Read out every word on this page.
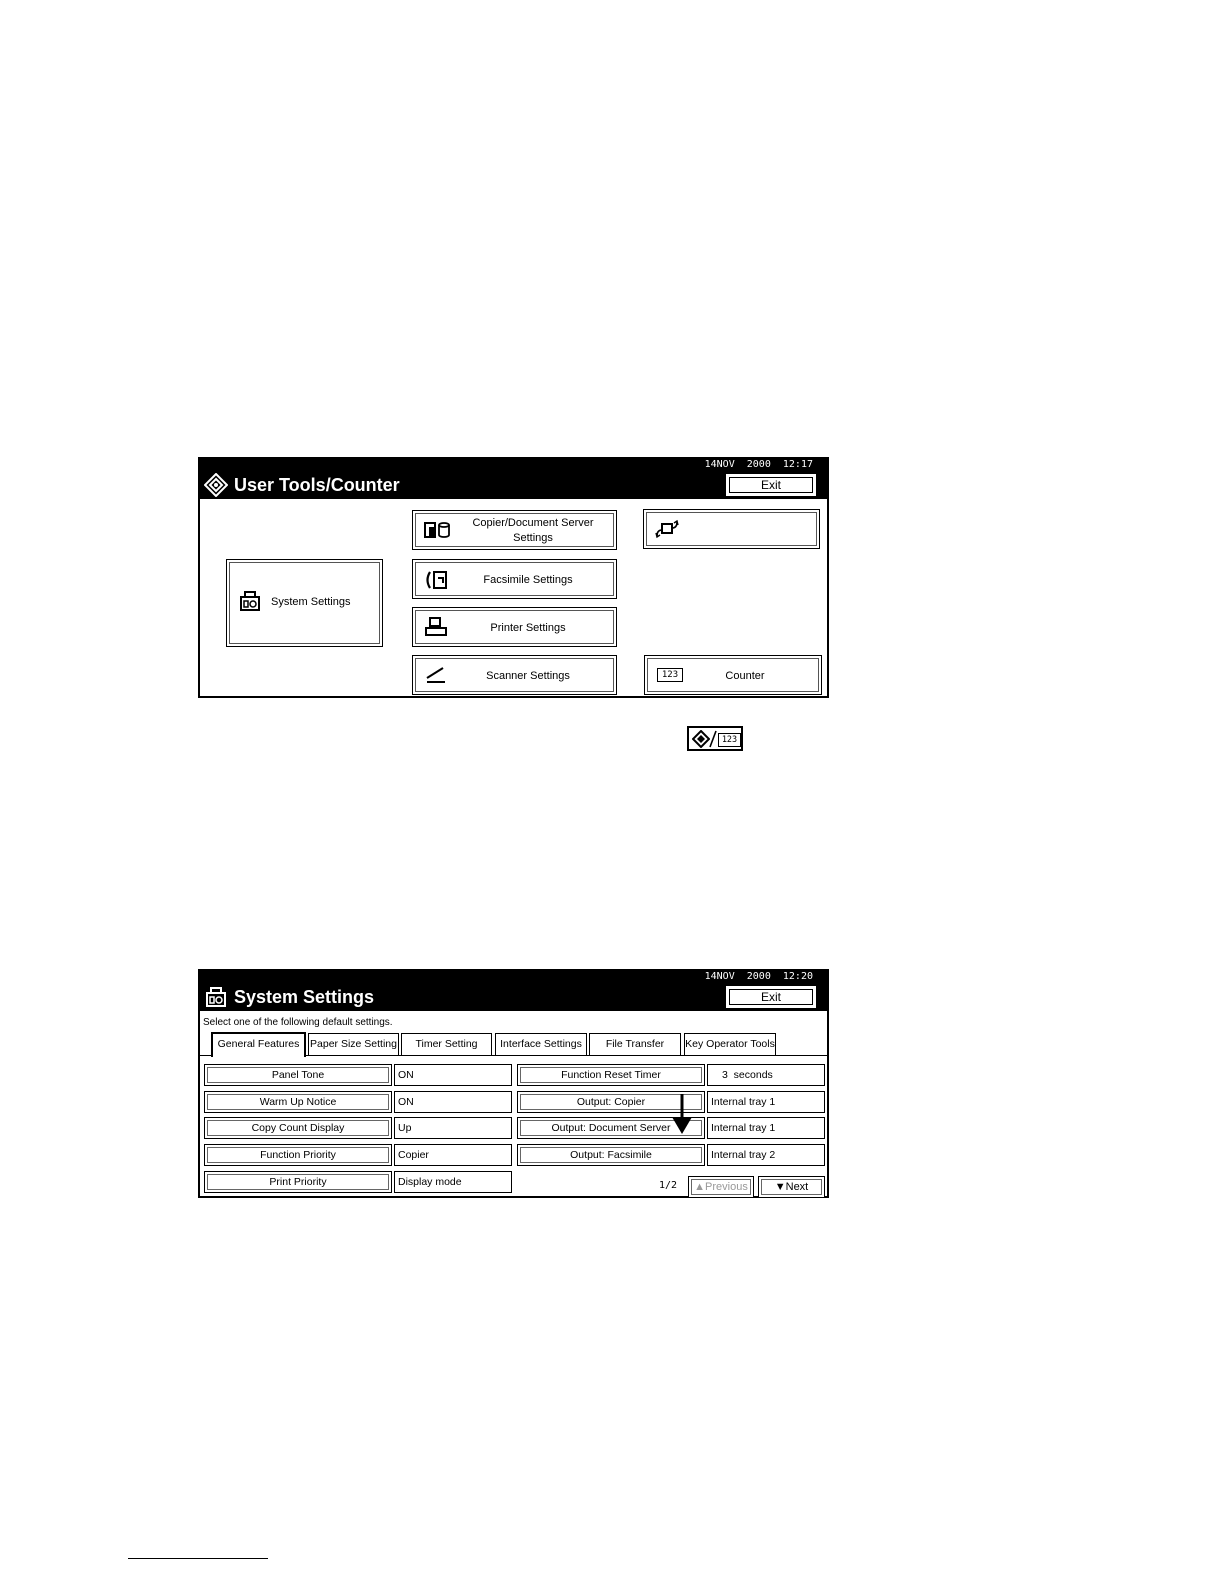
14NOV  2000  12:17
User Tools/Counter	Exit
System Settings
Copier/Document Server
Settings
Facsimile Settings
Printer Settings
Scanner Settings	123	Counter
123
14NOV  2000  12:20
System Settings	Exit
Select one of the following default settings.
General Features	Paper Size Setting	Timer Setting	Interface Settings	File Transfer	Key Operator Tools
Panel Tone	ON
Warm Up Notice	ON
Copy Count Display	Up
Function Priority	Copier
Print Priority	Display mode
Function Reset Timer	3  seconds
Output: Copier	Internal tray 1
Output: Document Server	Internal tray 1
Output: Facsimile	Internal tray 2
1/2	▲Previous	▼Next
